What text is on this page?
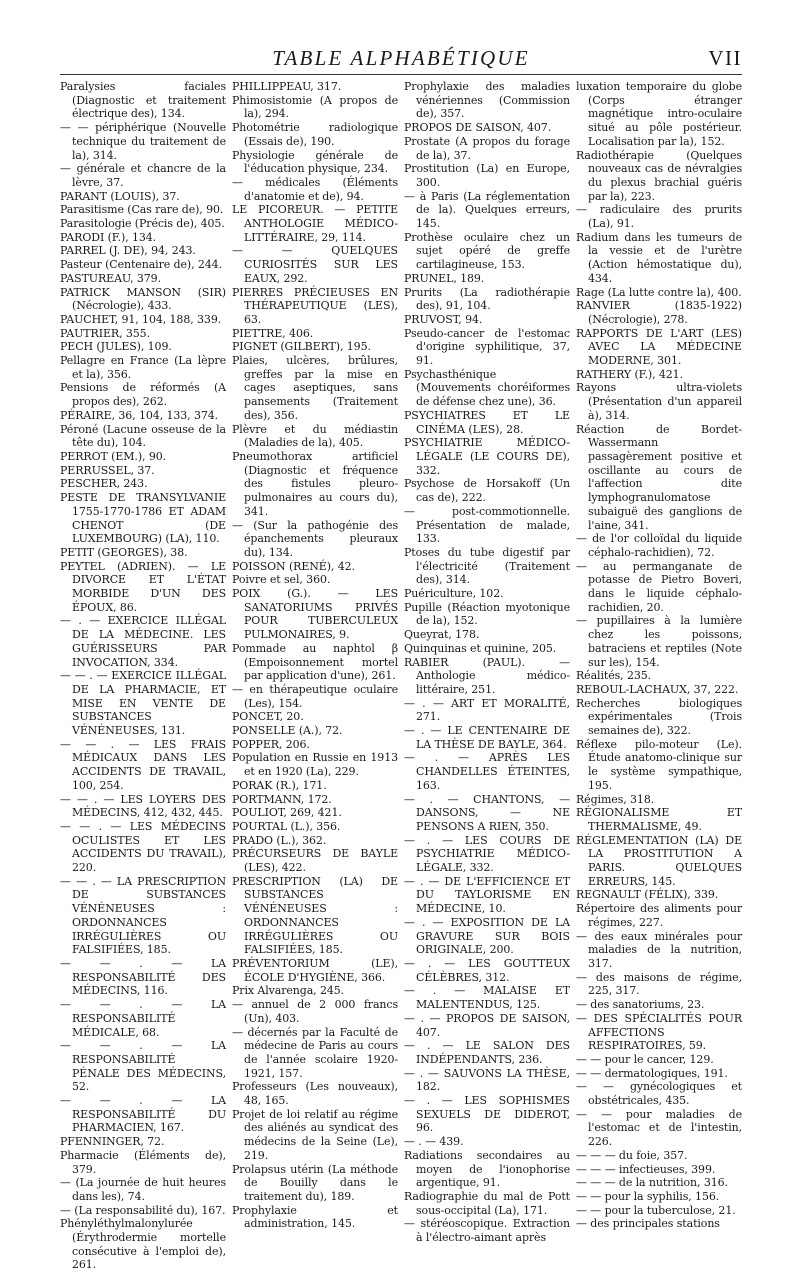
TABLE ALPHABÉTIQUE	VII

Paralysies faciales (Diagnostic et traitement électrique des), 134.

— — périphérique (Nouvelle technique du traitement de la), 314.

— générale et chancre de la lèvre, 37.

PARANT (LOUIS), 37.

Parasitisme (Cas rare de), 90.

Parasitologie (Précis de), 405.

PARODI (F.), 134.

PARREL (J. DE), 94, 243.

Pasteur (Centenaire de), 244.

PASTUREAU, 379.

PATRICK MANSON (SIR) (Nécrologie), 433.

PAUCHET, 91, 104, 188, 339.

PAUTRIER, 355.

PECH (JULES), 109.

Pellagre en France (La lèpre et la), 356.

Pensions de réformés (A propos des), 262.

PÉRAIRE, 36, 104, 133, 374.

Péroné (Lacune osseuse de la tête du), 104.

PERROT (EM.), 90.

PERRUSSEL, 37.

PESCHER, 243.

PESTE DE TRANSYLVANIE 1755-1770-1786 ET ADAM CHENOT (DE LUXEMBOURG) (LA), 110.

PETIT (GEORGES), 38.

PEYTEL (ADRIEN). — LE DIVORCE ET L'ÉTAT MORBIDE D'UN DES ÉPOUX, 86.

— . — EXERCICE ILLÉGAL DE LA MÉDECINE. LES GUÉRISSEURS PAR INVOCATION, 334.

— — . — EXERCICE ILLÉGAL DE LA PHARMACIE, ET MISE EN VENTE DE SUBSTANCES VÉNÉNEUSES, 131.

— — . — LES FRAIS MÉDICAUX DANS LES ACCIDENTS DE TRAVAIL, 100, 254.

— — . — LES LOYERS DES MÉDECINS, 412, 432, 445.

— — . — LES MÉDECINS OCULISTES ET LES ACCIDENTS DU TRAVAIL), 220.

— — . — LA PRESCRIPTION DE SUBSTANCES VÉNÉNEUSES : ORDONNANCES IRRÉGULIÈRES OU FALSIFIÉES, 185.

— — . — LA RESPONSABILITÉ DES MÉDECINS, 116.

— — . — LA RESPONSABILITÉ MÉDICALE, 68.

— — . — LA RESPONSABILITÉ PÉNALE DES MÉDECINS, 52.

— — . — LA RESPONSABILITÉ DU PHARMACIEN, 167.

PFENNINGER, 72.

Pharmacie (Éléments de), 379.

— (La journée de huit heures dans les), 74.

— (La responsabilité du), 167.

Phényléthylmalonylurée (Érythrodermie mortelle consécutive à l'emploi de), 261.

PHILLIPPEAU, 317.

Phimosistomie (A propos de la), 294.

Photométrie radiologique (Essais de), 190.

Physiologie générale de l'éducation physique, 234.

— médicales (Éléments d'anatomie et de), 94.

LE PICOREUR. — PETITE ANTHOLOGIE MÉDICO-LITTÉRAIRE, 29, 114.

— — QUELQUES CURIOSITÉS SUR LES EAUX, 292.

PIERRES PRÉCIEUSES EN THÉRAPEUTIQUE (LES), 63.

PIETTRE, 406.

PIGNET (GILBERT), 195.

Plaies, ulcères, brûlures, greffes par la mise en cages aseptiques, sans pansements (Traitement des), 356.

Plèvre et du médiastin (Maladies de la), 405.

Pneumothorax artificiel (Diagnostic et fréquence des fistules pleuro-pulmonaires au cours du), 341.

— (Sur la pathogénie des épanchements pleuraux du), 134.

POISSON (RENÉ), 42.

Poivre et sel, 360.

POIX (G.). — LES SANATORIUMS PRIVÉS POUR TUBERCULEUX PULMONAIRES, 9.

Pommade au naphtol β (Empoisonnement mortel par application d'une), 261.

— en thérapeutique oculaire (Les), 154.

PONCET, 20.

PONSELLE (A.), 72.

POPPER, 206.

Population en Russie en 1913 et en 1920 (La), 229.

PORAK (R.), 171.

PORTMANN, 172.

POULIOT, 269, 421.

POURTAL (L.), 356.

PRADO (L.), 362.

PRÉCURSEURS DE BAYLE (LES), 422.

PRESCRIPTION (LA) DE SUBSTANCES VÉNÉNEUSES : ORDONNANCES IRRÉGULIÈRES OU FALSIFIÉES, 185.

PRÉVENTORIUM (LE), ÉCOLE D'HYGIÈNE, 366.

Prix Alvarenga, 245.

— annuel de 2 000 francs (Un), 403.

— décernés par la Faculté de médecine de Paris au cours de l'année scolaire 1920-1921, 157.

Professeurs (Les nouveaux), 48, 165.

Projet de loi relatif au régime des aliénés au syndicat des médecins de la Seine (Le), 219.

Prolapsus utérin (La méthode de Bouilly dans le traitement du), 189.

Prophylaxie et administration, 145.

Prophylaxie des maladies vénériennes (Commission de), 357.

PROPOS DE SAISON, 407.

Prostate (A propos du forage de la), 37.

Prostitution (La) en Europe, 300.

— à Paris (La réglementation de la). Quelques erreurs, 145.

Prothèse oculaire chez un sujet opéré de greffe cartilagineuse, 153.

PRUNEL, 189.

Prurits (La radiothérapie des), 91, 104.

PRUVOST, 94.

Pseudo-cancer de l'estomac d'origine syphilitique, 37, 91.

Psychasthénique (Mouvements choréiformes de défense chez une), 36.

PSYCHIATRES ET LE CINÉMA (LES), 28.

PSYCHIATRIE MÉDICO-LÉGALE (LE COURS DE), 332.

Psychose de Horsakoff (Un cas de), 222.

— post-commotionnelle. Présentation de malade, 133.

Ptoses du tube digestif par l'électricité (Traitement des), 314.

Puériculture, 102.

Pupille (Réaction myotonique de la), 152.

Queyrat, 178.

Quinquinas et quinine, 205.

RABIER (PAUL). — Anthologie médico-littéraire, 251.

— . — ART ET MORALITÉ, 271.

— . — LE CENTENAIRE DE LA THÈSE DE BAYLE, 364.

— . — APRÈS LES CHANDELLES ÉTEINTES, 163.

— . — CHANTONS, — DANSONS, — NE PENSONS A RIEN, 350.

— . — LES COURS DE PSYCHIATRIE MÉDICO-LÉGALE, 332.

— . — DE L'EFFICIENCE ET DU TAYLORISME EN MÉDECINE, 10.

— . — EXPOSITION DE LA GRAVURE SUR BOIS ORIGINALE, 200.

— . — LES GOUTTEUX CÉLÈBRES, 312.

— . — MALAISE ET MALENTENDUS, 125.

— . — PROPOS DE SAISON, 407.

— . — LE SALON DES INDÉPENDANTS, 236.

— . — SAUVONS LA THÈSE, 182.

— . — LES SOPHISMES SEXUELS DE DIDEROT, 96.

— . — 439.

Radiations secondaires au moyen de l'ionophorise argentique, 91.

Radiographie du mal de Pott sous-occipital (La), 171.

— stéréoscopique. Extraction à l'électro-aimant après

luxation temporaire du globe (Corps étranger magnétique intro-oculaire situé au pôle postérieur. Localisation par la), 152.

Radiothérapie (Quelques nouveaux cas de névralgies du plexus brachial guéris par la), 223.

— radiculaire des prurits (La), 91.

Radium dans les tumeurs de la vessie et de l'urètre (Action hémostatique du), 434.

Rage (La lutte contre la), 400.

RANVIER (1835-1922) (Nécrologie), 278.

RAPPORTS DE L'ART (LES) AVEC LA MÉDECINE MODERNE, 301.

RATHERY (F.), 421.

Rayons ultra-violets (Présentation d'un appareil à), 314.

Réaction de Bordet-Wassermann passagèrement positive et oscillante au cours de l'affection dite lymphogranulomatose subaiguë des ganglions de l'aine, 341.

— de l'or colloïdal du liquide céphalo-rachidien), 72.

— au permanganate de potasse de Pietro Boveri, dans le liquide céphalo-rachidien, 20.

— pupillaires à la lumière chez les poissons, batraciens et reptiles (Note sur les), 154.

Réalités, 235.

REBOUL-LACHAUX, 37, 222.

Recherches biologiques expérimentales (Trois semaines de), 322.

Réflexe pilo-moteur (Le). Étude anatomo-clinique sur le système sympathique, 195.

Régimes, 318.

RÉGIONALISME ET THERMALISME, 49.

RÉGLEMENTATION (LA) DE LA PROSTITUTION A PARIS. QUELQUES ERREURS, 145.

REGNAULT (FÉLIX), 339.

Répertoire des aliments pour régimes, 227.

— des eaux minérales pour maladies de la nutrition, 317.

— des maisons de régime, 225, 317.

— des sanatoriums, 23.

— DES SPÉCIALITÉS POUR AFFECTIONS RESPIRATOIRES, 59.

— — pour le cancer, 129.

— — dermatologiques, 191.

— — gynécologiques et obstétricales, 435.

— — pour maladies de l'estomac et de l'intestin, 226.

— — — du foie, 357.

— — — infectieuses, 399.

— — — de la nutrition, 316.

— — pour la syphilis, 156.

— — pour la tuberculose, 21.

— des principales stations
